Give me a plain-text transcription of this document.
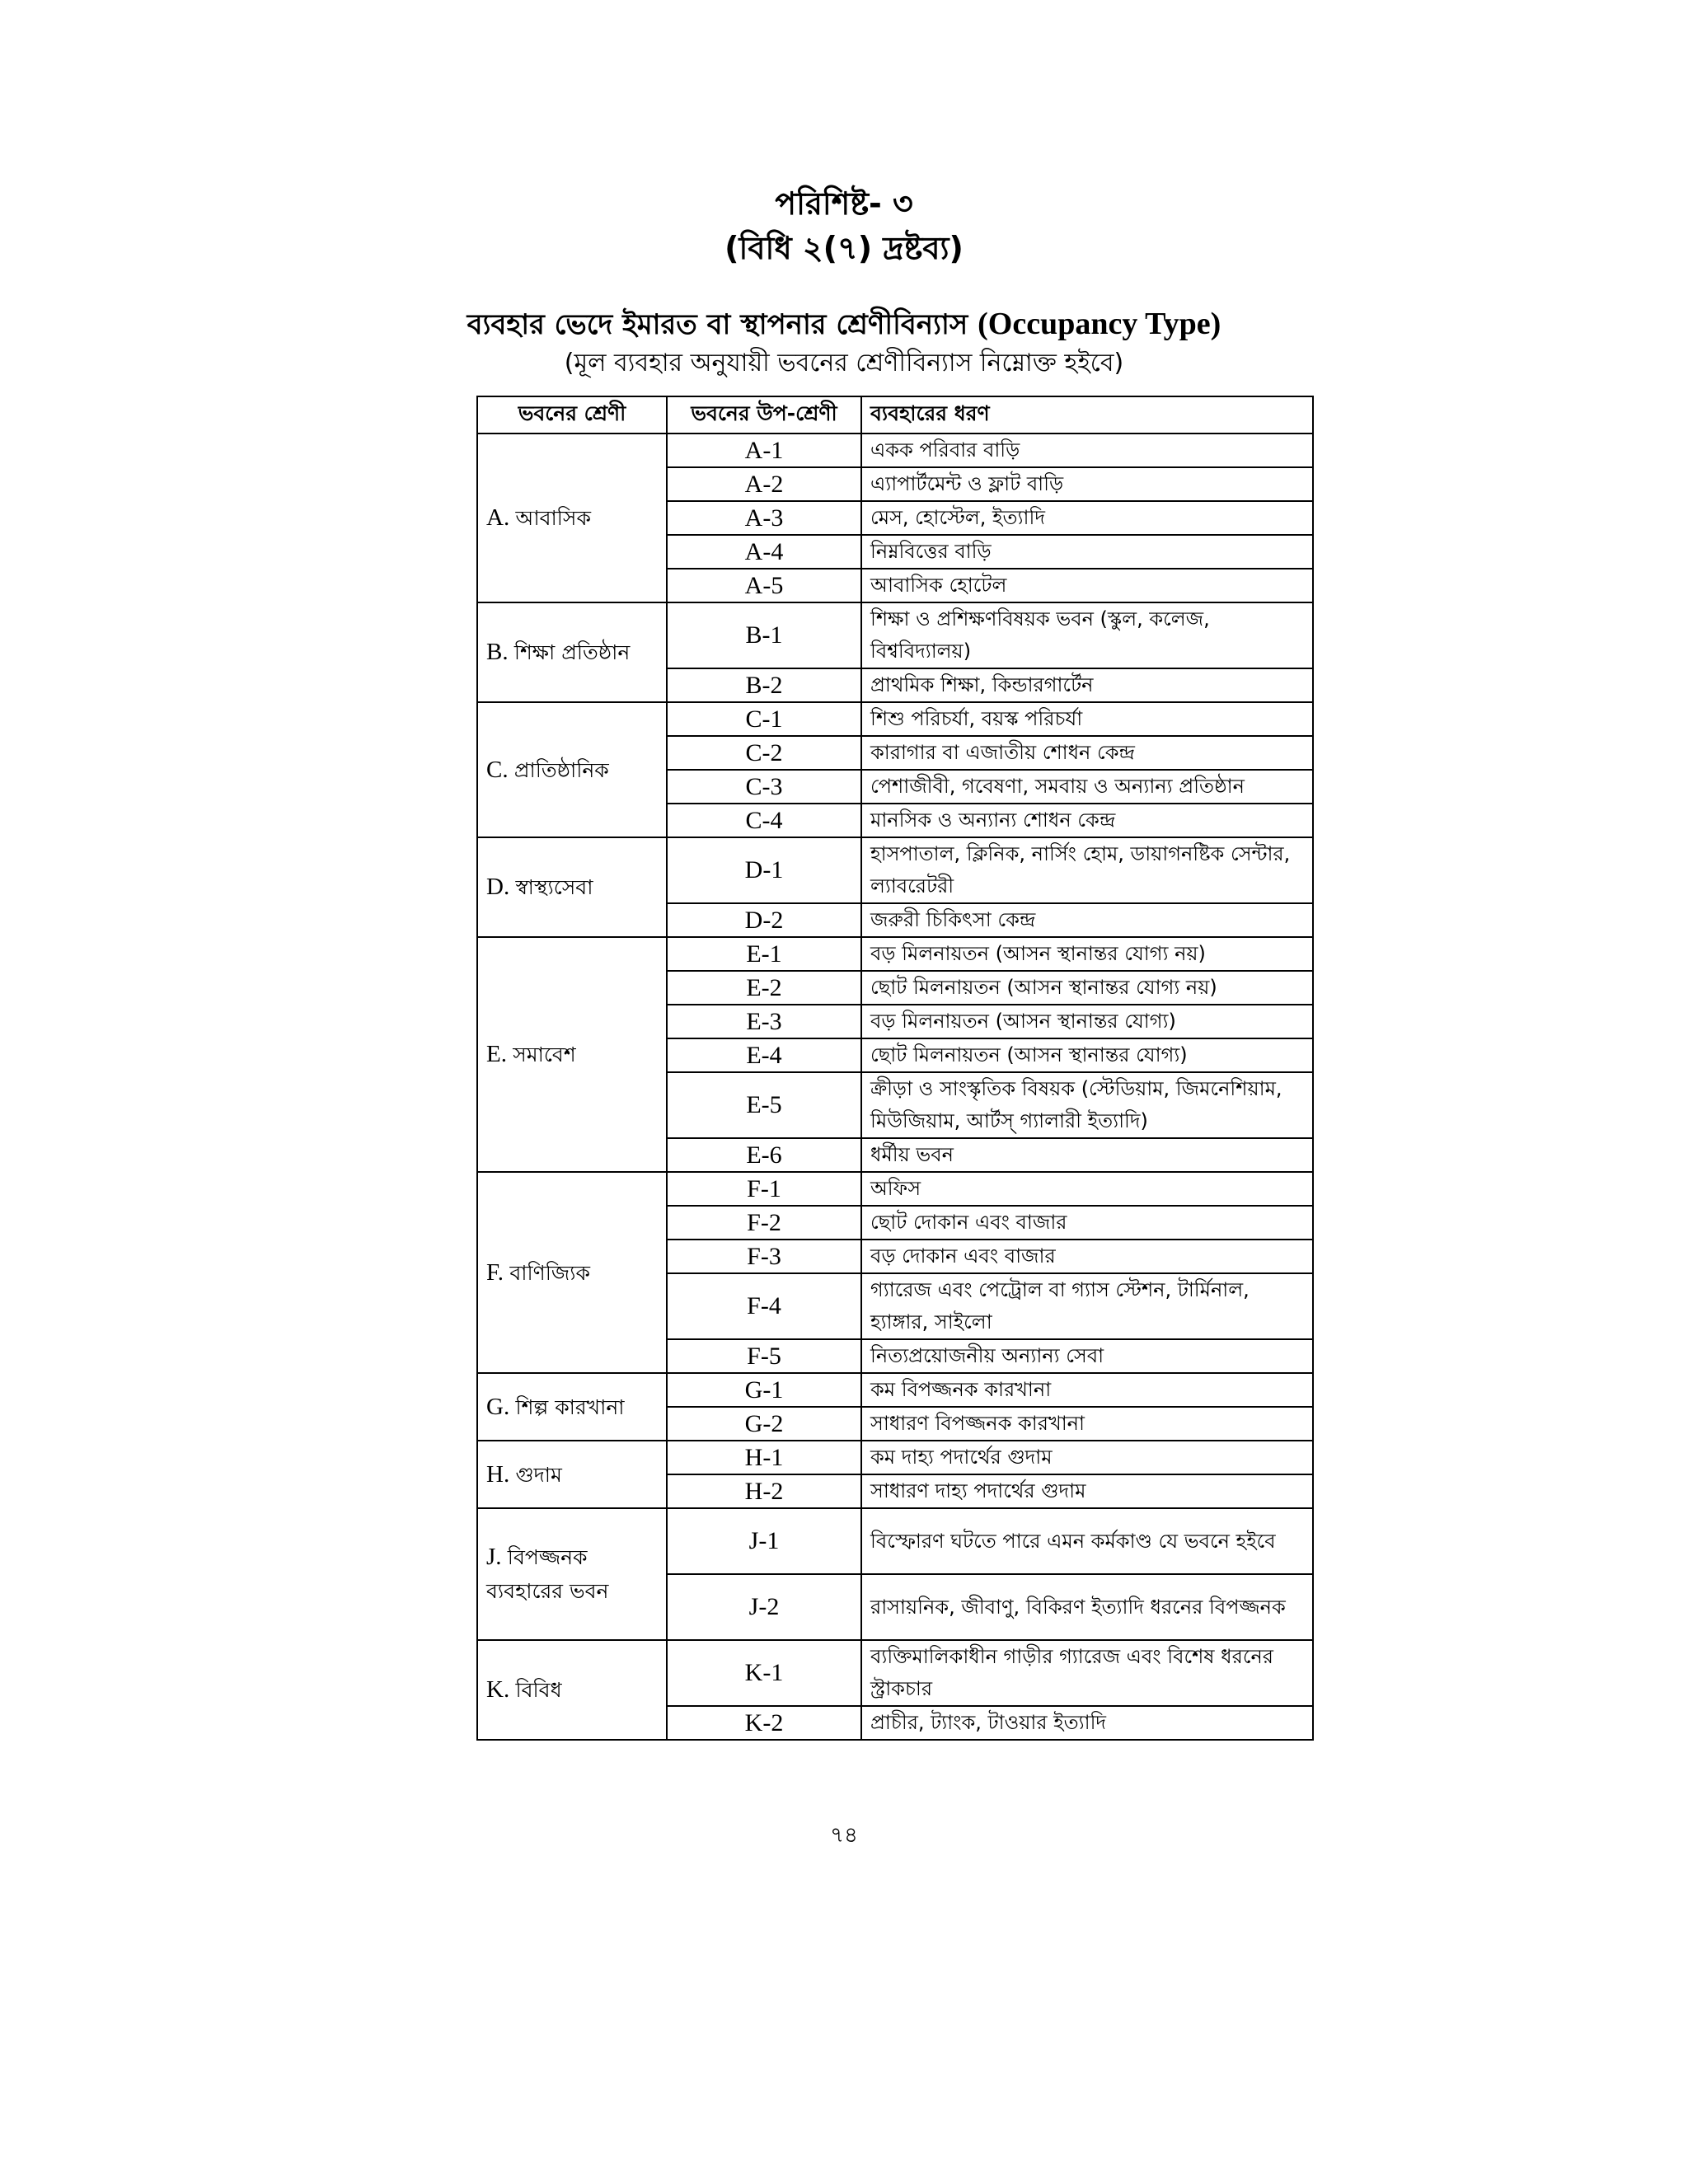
পরিশিষ্ট- ৩
(বিধি ২(৭) দ্রষ্টব্য)
ব্যবহার ভেদে ইমারত বা স্থাপনার শ্রেণীবিন্যাস (Occupancy Type)
(মূল ব্যবহার অনুযায়ী ভবনের শ্রেণীবিন্যাস নিম্নোক্ত হইবে)
ভবনের শ্রেণী	ভবনের উপ-শ্রেণী	ব্যবহারের ধরণ
A. আবাসিক	A-1	একক পরিবার বাড়ি
	A-2	এ্যাপার্টমেন্ট ও ফ্লাট বাড়ি
	A-3	মেস, হোস্টেল, ইত্যাদি
	A-4	নিম্নবিত্তের বাড়ি
	A-5	আবাসিক হোটেল
B. শিক্ষা প্রতিষ্ঠান	B-1	শিক্ষা ও প্রশিক্ষণবিষয়ক ভবন (স্কুল, কলেজ, বিশ্ববিদ্যালয়)
	B-2	প্রাথমিক শিক্ষা, কিন্ডারগার্টেন
C. প্রাতিষ্ঠানিক	C-1	শিশু পরিচর্যা, বয়স্ক পরিচর্যা
	C-2	কারাগার বা এজাতীয় শোধন কেন্দ্র
	C-3	পেশাজীবী, গবেষণা, সমবায় ও অন্যান্য প্রতিষ্ঠান
	C-4	মানসিক ও অন্যান্য শোধন কেন্দ্র
D. স্বাস্থ্যসেবা	D-1	হাসপাতাল, ক্লিনিক, নার্সিং হোম, ডায়াগনষ্টিক সেন্টার, ল্যাবরেটরী
	D-2	জরুরী চিকিৎসা কেন্দ্র
E. সমাবেশ	E-1	বড় মিলনায়তন (আসন স্থানান্তর যোগ্য নয়)
	E-2	ছোট মিলনায়তন (আসন স্থানান্তর যোগ্য নয়)
	E-3	বড় মিলনায়তন (আসন স্থানান্তর যোগ্য)
	E-4	ছোট মিলনায়তন (আসন স্থানান্তর যোগ্য)
	E-5	ক্রীড়া ও সাংস্কৃতিক বিষয়ক (স্টেডিয়াম, জিমনেশিয়াম, মিউজিয়াম, আর্টস্ গ্যালারী ইত্যাদি)
	E-6	ধর্মীয় ভবন
F. বাণিজ্যিক	F-1	অফিস
	F-2	ছোট দোকান এবং বাজার
	F-3	বড় দোকান এবং বাজার
	F-4	গ্যারেজ এবং পেট্রোল বা গ্যাস স্টেশন, টার্মিনাল, হ্যাঙ্গার, সাইলো
	F-5	নিত্যপ্রয়োজনীয় অন্যান্য সেবা
G. শিল্প কারখানা	G-1	কম বিপজ্জনক কারখানা
	G-2	সাধারণ বিপজ্জনক কারখানা
H. গুদাম	H-1	কম দাহ্য পদার্থের গুদাম
	H-2	সাধারণ দাহ্য পদার্থের গুদাম
J. বিপজ্জনক ব্যবহারের ভবন	J-1	বিস্ফোরণ ঘটতে পারে এমন কর্মকাণ্ড যে ভবনে হইবে
	J-2	রাসায়নিক, জীবাণু, বিকিরণ ইত্যাদি ধরনের বিপজ্জনক
K. বিবিধ	K-1	ব্যক্তিমালিকাধীন গাড়ীর গ্যারেজ এবং বিশেষ ধরনের স্ট্রাকচার
	K-2	প্রাচীর, ট্যাংক, টাওয়ার ইত্যাদি
৭৪
